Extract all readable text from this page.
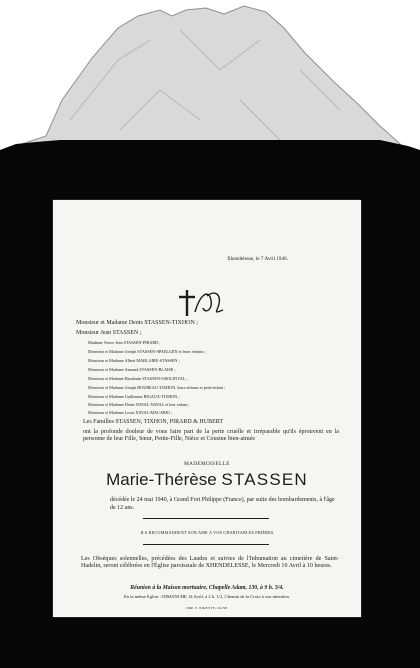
Xhendelesse, le 7 Avril 1946.
Monsieur et Madame Denis STASSEN-TIXHON ;
Monsieur Jean STASSEN ;
Madame Veuve Jean STASSEN-PIRARD ;
Monsieur et Madame Joseph STASSEN-SPAELGEN et leurs enfants ;
Monsieur et Madame Albert MARLAIRE-STASSEN ;
Monsieur et Madame Armand STASSEN-BLAISE ;
Monsieur et Madame Baudouin STASSEN-GROLINVAL ;
Monsieur et Madame Joseph HOUBEAU-TIXHON, leurs enfants et petit-enfant ;
Monsieur et Madame Guillaume RIGAUX-TIXHON ;
Monsieur et Madame Denis NAVAL-NAVAL et leur enfant ;
Monsieur et Madame Louis NAVAL-MACARIO ;
Les Familles STASSEN, TIXHON, PIRARD & HUBERT
ont la profonde douleur de vous faire part de la perte cruelle et irréparable qu'ils éprouvent en la personne de leur Fille, Sœur, Petite-Fille, Nièce et Cousine bien-aimée
MADEMOISELLE
Marie-Thérèse STASSEN
décédée le 24 mai 1940, à Grand Fort Philippe (France), par suite des bombardements, à l'âge de 12 ans.
ILS RECOMMANDENT SON AME A VOS CHARITABLES PRIÈRES
Les Obsèques solennelles, précédées des Laudes et suivies de l'Inhumation au cimetière de Saint-Hadelin, seront célébrées en l'Église paroissiale de XHENDELESSE, le Mercredi 10 Avril à 10 heures.
Réunion à la Maison mortuaire, Chapelle Adam, 130, à 9 h. 3/4.
En la même Eglise : DIMANCHE 14 Avril, à 2 h. 1/2, Chemin de la Croix à son intention.
IMP. F. PIRETTE, OLNE
